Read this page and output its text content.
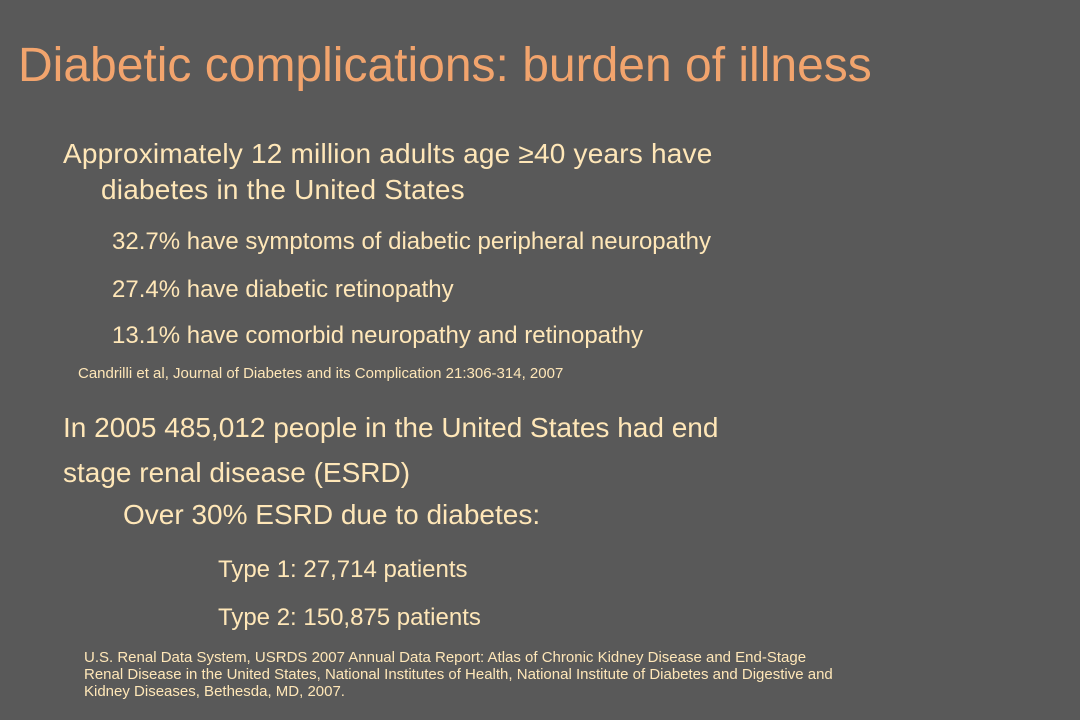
Diabetic complications: burden of illness
Approximately 12 million adults age ≥40 years have
diabetes in the United States
32.7% have symptoms of diabetic peripheral neuropathy
27.4% have diabetic retinopathy
13.1% have comorbid neuropathy and retinopathy
Candrilli et al, Journal of Diabetes and its Complication 21:306-314, 2007
In 2005 485,012 people in the United States had end
stage renal disease (ESRD)
Over 30% ESRD due to diabetes:
Type 1: 27,714 patients
Type 2: 150,875 patients
U.S. Renal Data System, USRDS 2007 Annual Data Report: Atlas of Chronic Kidney Disease and End-Stage
Renal Disease in the United States, National Institutes of Health, National Institute of Diabetes and Digestive and
Kidney Diseases, Bethesda, MD, 2007.
